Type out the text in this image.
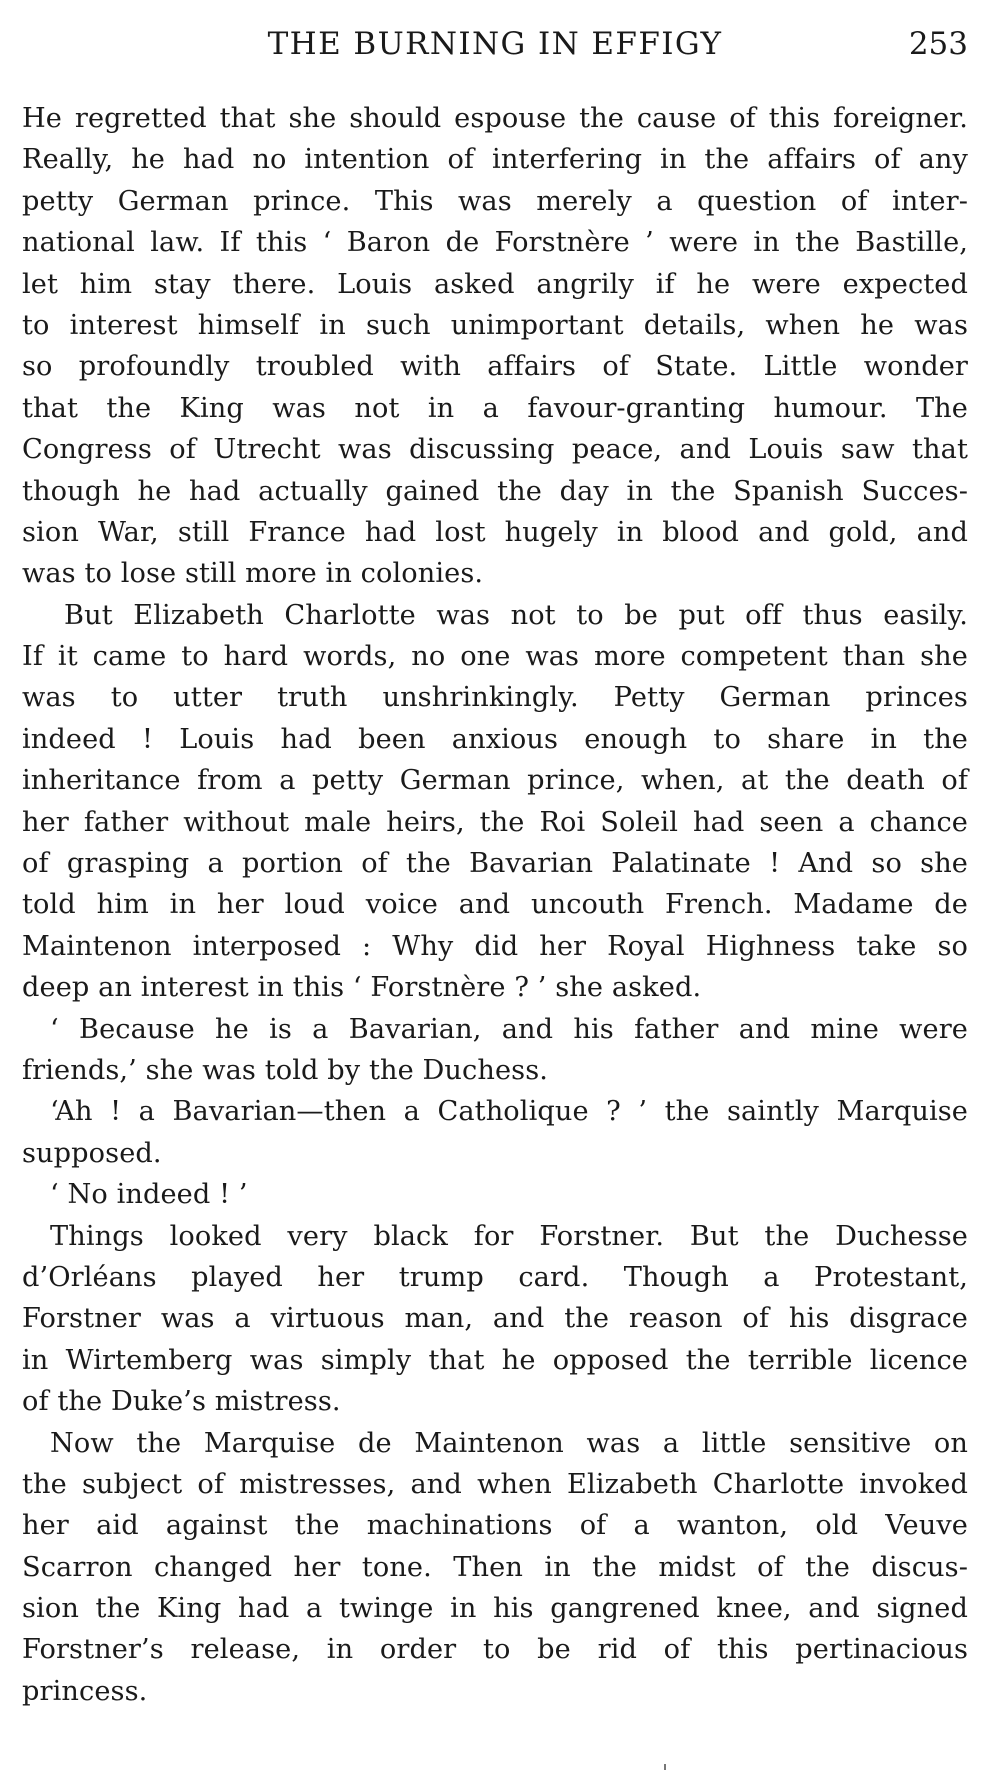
THE BURNING IN EFFIGY	253

He regretted that she should espouse the cause of this foreigner.
Really, he had no intention of interfering in the affairs of any
petty German prince. This was merely a question of inter-
national law. If this ‘ Baron de Forstnère ’ were in the Bastille,
let him stay there. Louis asked angrily if he were expected
to interest himself in such unimportant details, when he was
so profoundly troubled with affairs of State. Little wonder
that the King was not in a favour-granting humour. The
Congress of Utrecht was discussing peace, and Louis saw that
though he had actually gained the day in the Spanish Succes-
sion War, still France had lost hugely in blood and gold, and
was to lose still more in colonies.

But Elizabeth Charlotte was not to be put off thus easily.
If it came to hard words, no one was more competent than she
was to utter truth unshrinkingly. Petty German princes
indeed ! Louis had been anxious enough to share in the
inheritance from a petty German prince, when, at the death of
her father without male heirs, the Roi Soleil had seen a chance
of grasping a portion of the Bavarian Palatinate ! And so she
told him in her loud voice and uncouth French. Madame de
Maintenon interposed : Why did her Royal Highness take so
deep an interest in this ‘ Forstnère ? ’ she asked.

‘ Because he is a Bavarian, and his father and mine were
friends,’ she was told by the Duchess.

‘Ah ! a Bavarian—then a Catholique ? ’ the saintly Marquise
supposed.

‘ No indeed ! ’

Things looked very black for Forstner. But the Duchesse
d’Orléans played her trump card. Though a Protestant,
Forstner was a virtuous man, and the reason of his disgrace
in Wirtemberg was simply that he opposed the terrible licence
of the Duke’s mistress.

Now the Marquise de Maintenon was a little sensitive on
the subject of mistresses, and when Elizabeth Charlotte invoked
her aid against the machinations of a wanton, old Veuve
Scarron changed her tone. Then in the midst of the discus-
sion the King had a twinge in his gangrened knee, and signed
Forstner’s release, in order to be rid of this pertinacious
princess.
